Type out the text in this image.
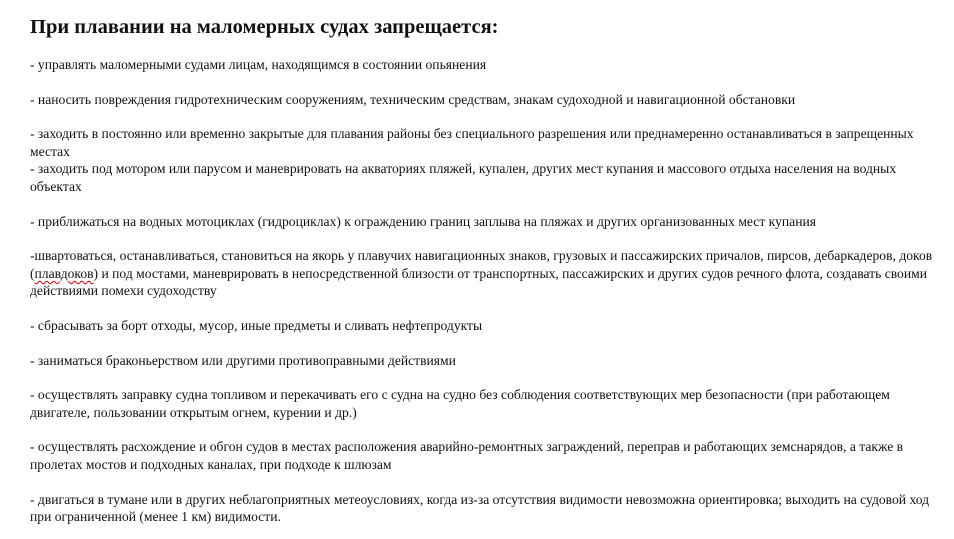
При плавании на маломерных судах запрещается:

- управлять маломерными судами лицам, находящимся в состоянии опьянения

- наносить повреждения гидротехническим сооружениям, техническим средствам, знакам судоходной и навигационной обстановки

- заходить в постоянно или временно закрытые для плавания районы без специального разрешения или преднамеренно останавливаться в запрещенных местах

- заходить под мотором или парусом и маневрировать на акваториях пляжей, купален, других мест купания и массового отдыха населения на водных объектах

- приближаться на водных мотоциклах (гидроциклах) к ограждению границ заплыва на пляжах и других организованных мест купания

-швартоваться, останавливаться, становиться на якорь у плавучих навигационных знаков, грузовых и пассажирских причалов, пирсов, дебаркадеров, доков (плавдоков) и под мостами, маневрировать в непосредственной близости от транспортных, пассажирских и других судов речного флота, создавать своими действиями помехи судоходству

- сбрасывать за борт отходы, мусор, иные предметы и сливать нефтепродукты

- заниматься браконьерством или другими противоправными действиями

- осуществлять заправку судна топливом и перекачивать его с судна на судно без соблюдения соответствующих мер безопасности (при работающем двигателе, пользовании открытым огнем, курении и др.)

- осуществлять расхождение и обгон судов в местах расположения аварийно-ремонтных заграждений, переправ и работающих земснарядов, а также в пролетах мостов и подходных каналах, при подходе к шлюзам

- двигаться в тумане или в других неблагоприятных метеоусловиях, когда из-за отсутствия видимости невозможна ориентировка; выходить на судовой ход при ограниченной (менее 1 км) видимости.
